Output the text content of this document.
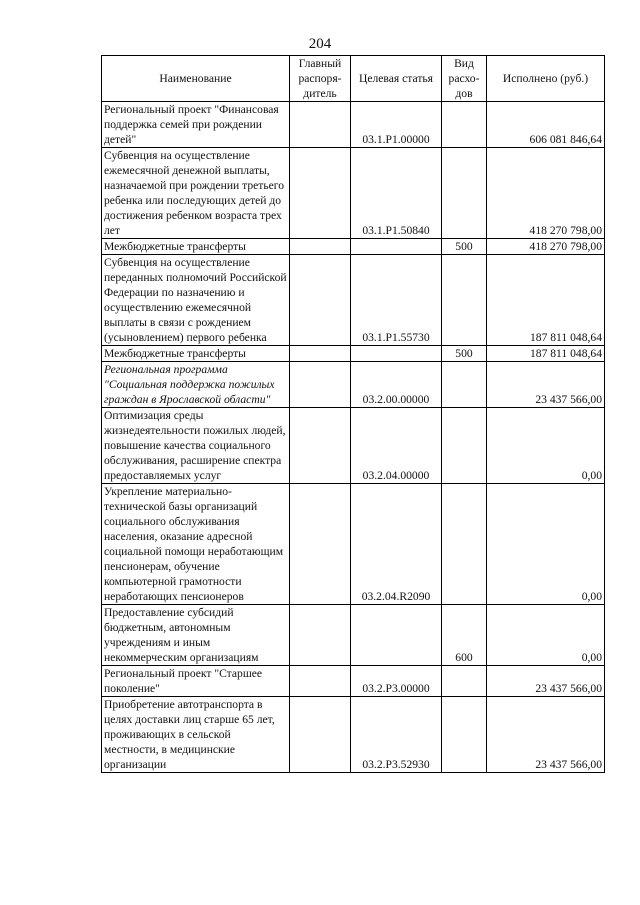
204
Наименование	Главный распоря-дитель	Целевая статья	Вид расхо-дов	Исполнено (руб.)
Региональный проект "Финансовая поддержка семей при рождении детей"		03.1.P1.00000		606 081 846,64
Субвенция на осуществление ежемесячной денежной выплаты, назначаемой при рождении третьего ребенка или последующих детей до достижения ребенком возраста трех лет		03.1.P1.50840		418 270 798,00
Межбюджетные трансферты			500	418 270 798,00
Субвенция на осуществление переданных полномочий Российской Федерации по назначению и осуществлению ежемесячной выплаты в связи с рождением (усыновлением) первого ребенка		03.1.P1.55730		187 811 048,64
Межбюджетные трансферты			500	187 811 048,64
Региональная программа "Социальная поддержка пожилых граждан в Ярославской области"		03.2.00.00000		23 437 566,00
Оптимизация среды жизнедеятельности пожилых людей, повышение качества социального обслуживания, расширение спектра предоставляемых услуг		03.2.04.00000		0,00
Укрепление материально-технической базы организаций социального обслуживания населения, оказание адресной социальной помощи неработающим пенсионерам, обучение компьютерной грамотности неработающих пенсионеров		03.2.04.R2090		0,00
Предоставление субсидий бюджетным, автономным учреждениям и иным некоммерческим организациям			600	0,00
Региональный проект "Старшее поколение"		03.2.P3.00000		23 437 566,00
Приобретение автотранспорта в целях доставки лиц старше 65 лет, проживающих в сельской местности, в медицинские организации		03.2.P3.52930		23 437 566,00
